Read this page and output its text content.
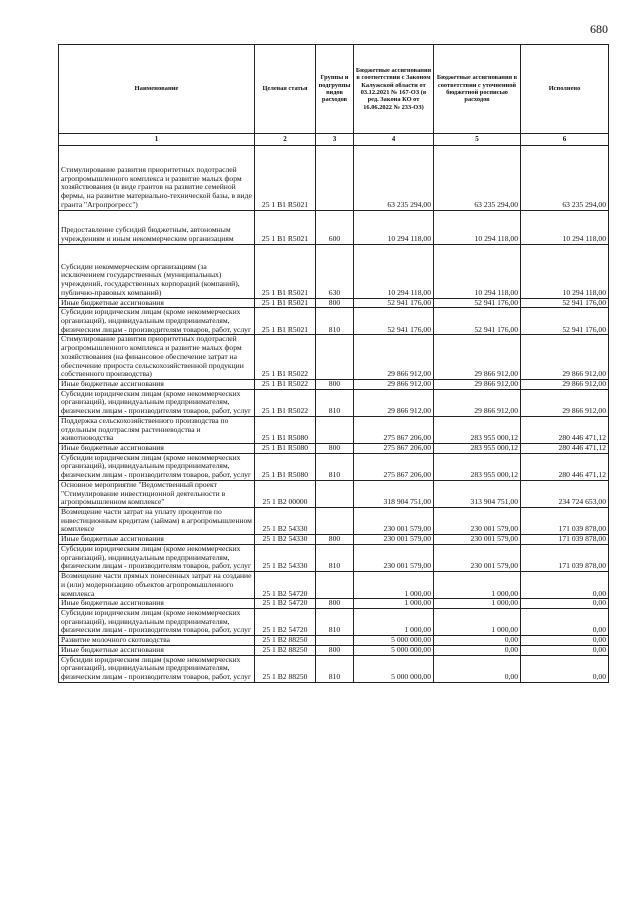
680
Наименование	Целевая статья	Группы и подгруппы видов расходов	Бюджетные ассигнования в соответствии с Законом Калужской области от 03.12.2021 № 167-ОЗ (в ред. Закона КО от 16.06.2022 № 233-ОЗ)	Бюджетные ассигнования в соответствии с уточненной бюджетной росписью расходов	Исполнено
1	2	3	4	5	6

Стимулирование развития приоритетных подотраслей агропромышленного комплекса и развитие малых форм хозяйствования (в виде грантов на развитие семейной фермы, на развитие материально-технической базы, в виде гранта "Агропрогресс")	25 1 В1 R5021		63 235 294,00	63 235 294,00	63 235 294,00
Предоставление субсидий бюджетным, автономным учреждениям и иным некоммерческим организациям	25 1 В1 R5021	600	10 294 118,00	10 294 118,00	10 294 118,00
Субсидии некоммерческим организациям (за исключением государственных (муниципальных) учреждений, государственных корпораций (компаний), публично-правовых компаний)	25 1 В1 R5021	630	10 294 118,00	10 294 118,00	10 294 118,00
Иные бюджетные ассигнования	25 1 В1 R5021	800	52 941 176,00	52 941 176,00	52 941 176,00
Субсидии юридическим лицам (кроме некоммерческих организаций), индивидуальным предпринимателям, физическим лицам - производителям товаров, работ, услуг	25 1 В1 R5021	810	52 941 176,00	52 941 176,00	52 941 176,00
Стимулирование развития приоритетных подотраслей агропромышленного комплекса и развитие малых форм хозяйствования (на финансовое обеспечение затрат на обеспечение прироста сельскохозяйственной продукции собственного производства)	25 1 В1 R5022		29 866 912,00	29 866 912,00	29 866 912,00
Иные бюджетные ассигнования	25 1 В1 R5022	800	29 866 912,00	29 866 912,00	29 866 912,00
Субсидии юридическим лицам (кроме некоммерческих организаций), индивидуальным предпринимателям, физическим лицам - производителям товаров, работ, услуг	25 1 В1 R5022	810	29 866 912,00	29 866 912,00	29 866 912,00
Поддержка сельскохозяйственного производства по отдельным подотраслям растениеводства и животноводства	25 1 В1 R5080		275 867 206,00	283 955 000,12	280 446 471,12
Иные бюджетные ассигнования	25 1 В1 R5080	800	275 867 206,00	283 955 000,12	280 446 471,12
Субсидии юридическим лицам (кроме некоммерческих организаций), индивидуальным предпринимателям, физическим лицам - производителям товаров, работ, услуг	25 1 В1 R5080	810	275 867 206,00	283 955 000,12	280 446 471,12
Основное мероприятие "Ведомственный проект "Стимулирование инвестиционной деятельности в агропромышленном комплексе"	25 1 В2 00000		318 904 751,00	313 904 751,00	234 724 653,00
Возмещение части затрат на уплату процентов по инвестиционным кредитам (займам) в агропромышленном комплексе	25 1 В2 54330		230 001 579,00	230 001 579,00	171 039 878,00
Иные бюджетные ассигнования	25 1 В2 54330	800	230 001 579,00	230 001 579,00	171 039 878,00
Субсидии юридическим лицам (кроме некоммерческих организаций), индивидуальным предпринимателям, физическим лицам - производителям товаров, работ, услуг	25 1 В2 54330	810	230 001 579,00	230 001 579,00	171 039 878,00
Возмещение части прямых понесенных затрат на создание и (или) модернизацию объектов агропромышленного комплекса	25 1 В2 54720		1 000,00	1 000,00	0,00
Иные бюджетные ассигнования	25 1 В2 54720	800	1 000,00	1 000,00	0,00
Субсидии юридическим лицам (кроме некоммерческих организаций), индивидуальным предпринимателям, физическим лицам - производителям товаров, работ, услуг	25 1 В2 54720	810	1 000,00	1 000,00	0,00
Развитие молочного скотоводства	25 1 В2 88250		5 000 000,00	0,00	0,00
Иные бюджетные ассигнования	25 1 В2 88250	800	5 000 000,00	0,00	0,00
Субсидии юридическим лицам (кроме некоммерческих организаций), индивидуальным предпринимателям, физическим лицам - производителям товаров, работ, услуг	25 1 В2 88250	810	5 000 000,00	0,00	0,00
